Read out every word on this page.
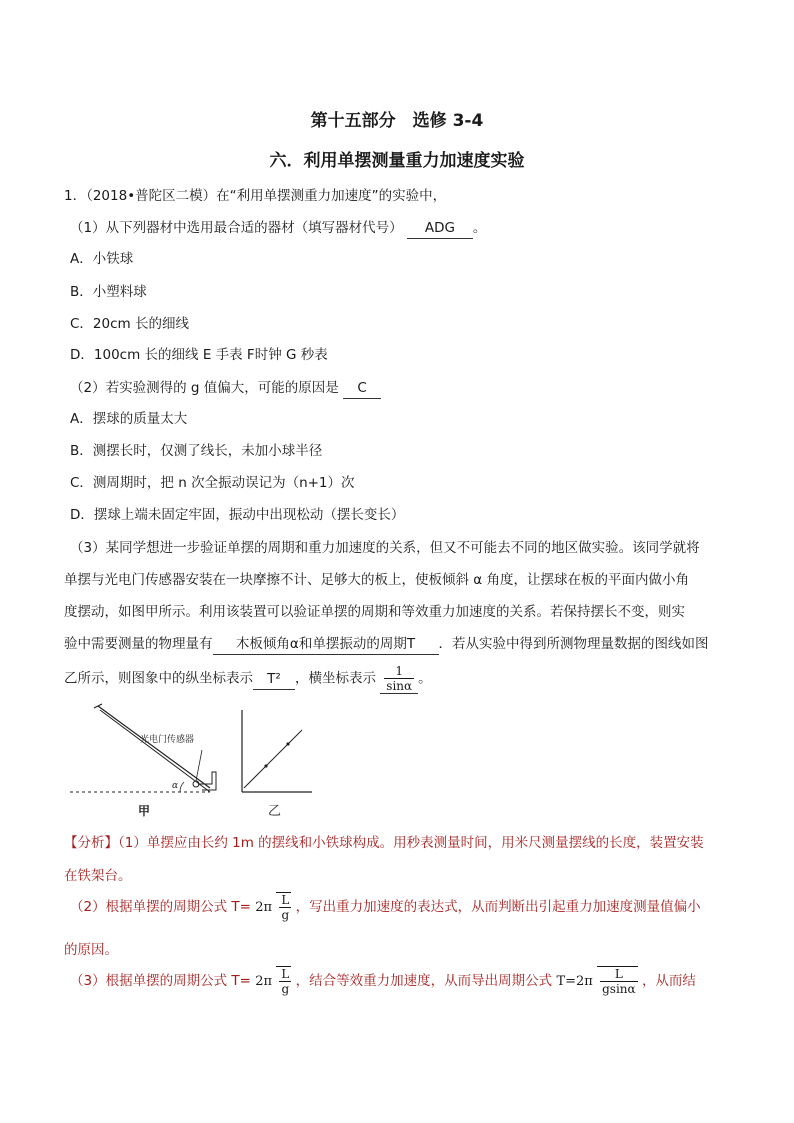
第十五部分　选修 3-4
六．利用单摆测量重力加速度实验
1．（2018•普陀区二模）在“利用单摆测重力加速度”的实验中，
（1）从下列器材中选用最合适的器材（填写器材代号） ADG 。
A．小铁球
B．小塑料球
C．20cm 长的细线
D．100cm 长的细线 E 手表 F时钟 G 秒表
（2）若实验测得的 g 值偏大，可能的原因是 C
A．摆球的质量太大
B．测摆长时，仅测了线长，未加小球半径
C．测周期时，把 n 次全振动误记为（n+1）次
D．摆球上端未固定牢固，振动中出现松动（摆长变长）
（3）某同学想进一步验证单摆的周期和重力加速度的关系，但又不可能去不同的地区做实验。该同学就将
单摆与光电门传感器安装在一块摩擦不计、足够大的板上，使板倾斜 α 角度，让摆球在板的平面内做小角
度摆动，如图甲所示。利用该装置可以验证单摆的周期和等效重力加速度的关系。若保持摆长不变，则实
验中需要测量的物理量有 木板倾角α和单摆振动的周期T ．若从实验中得到所测物理量数据的图线如图
乙所示，则图象中的纵坐标表示 T² ，横坐标表示 $\frac{1}{\sin\alpha}$ 。
光电门传感器
α
甲	乙
【分析】（1）单摆应由长约 1m 的摆线和小铁球构成。用秒表测量时间，用米尺测量摆线的长度，装置安装
在铁架台。
（2）根据单摆的周期公式 $T= 2\pi \frac{L}{g}$ ，写出重力加速度的表达式，从而判断出引起重力加速度测量值偏小
的原因。
（3）根据单摆的周期公式 $T= 2\pi \frac{L}{g}$ ，结合等效重力加速度，从而导出周期公式 $T=2\pi \frac{L}{gsin\alpha}$ ，从而结
